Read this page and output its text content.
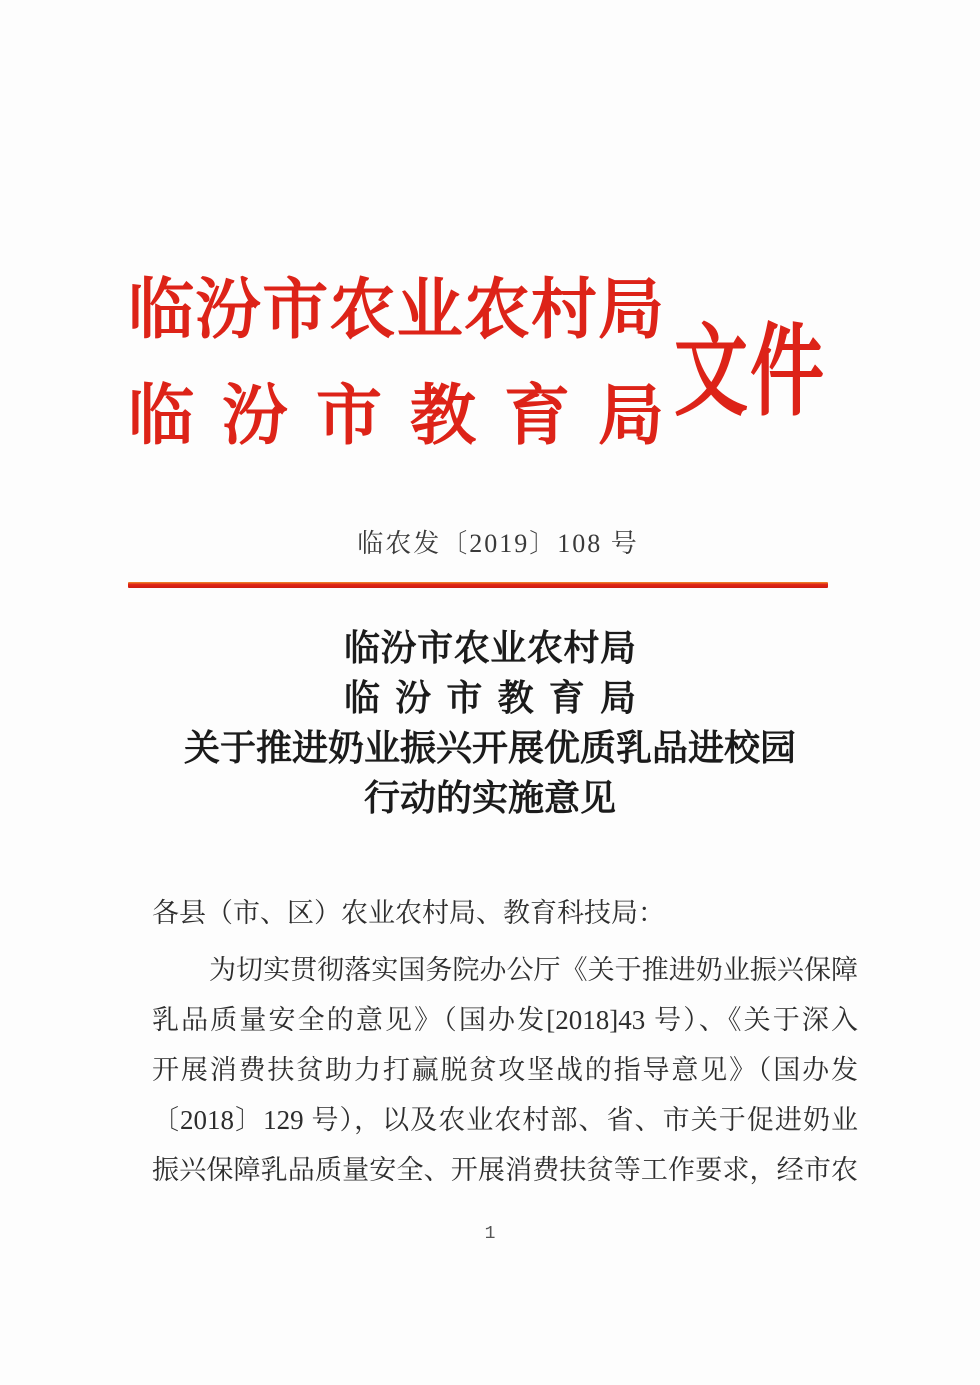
临汾市农业农村局
临汾市教育局 文件
临农发〔2019〕108 号
临汾市农业农村局
临汾市教育局
关于推进奶业振兴开展优质乳品进校园
行动的实施意见
各县（市、区）农业农村局、教育科技局：
为切实贯彻落实国务院办公厅《关于推进奶业振兴保障
乳品质量安全的意见》（国办发[2018]43 号）、《关于深入
开展消费扶贫助力打赢脱贫攻坚战的指导意见》（国办发
〔2018〕129 号），以及农业农村部、省、市关于促进奶业
振兴保障乳品质量安全、开展消费扶贫等工作要求，经市农
1
